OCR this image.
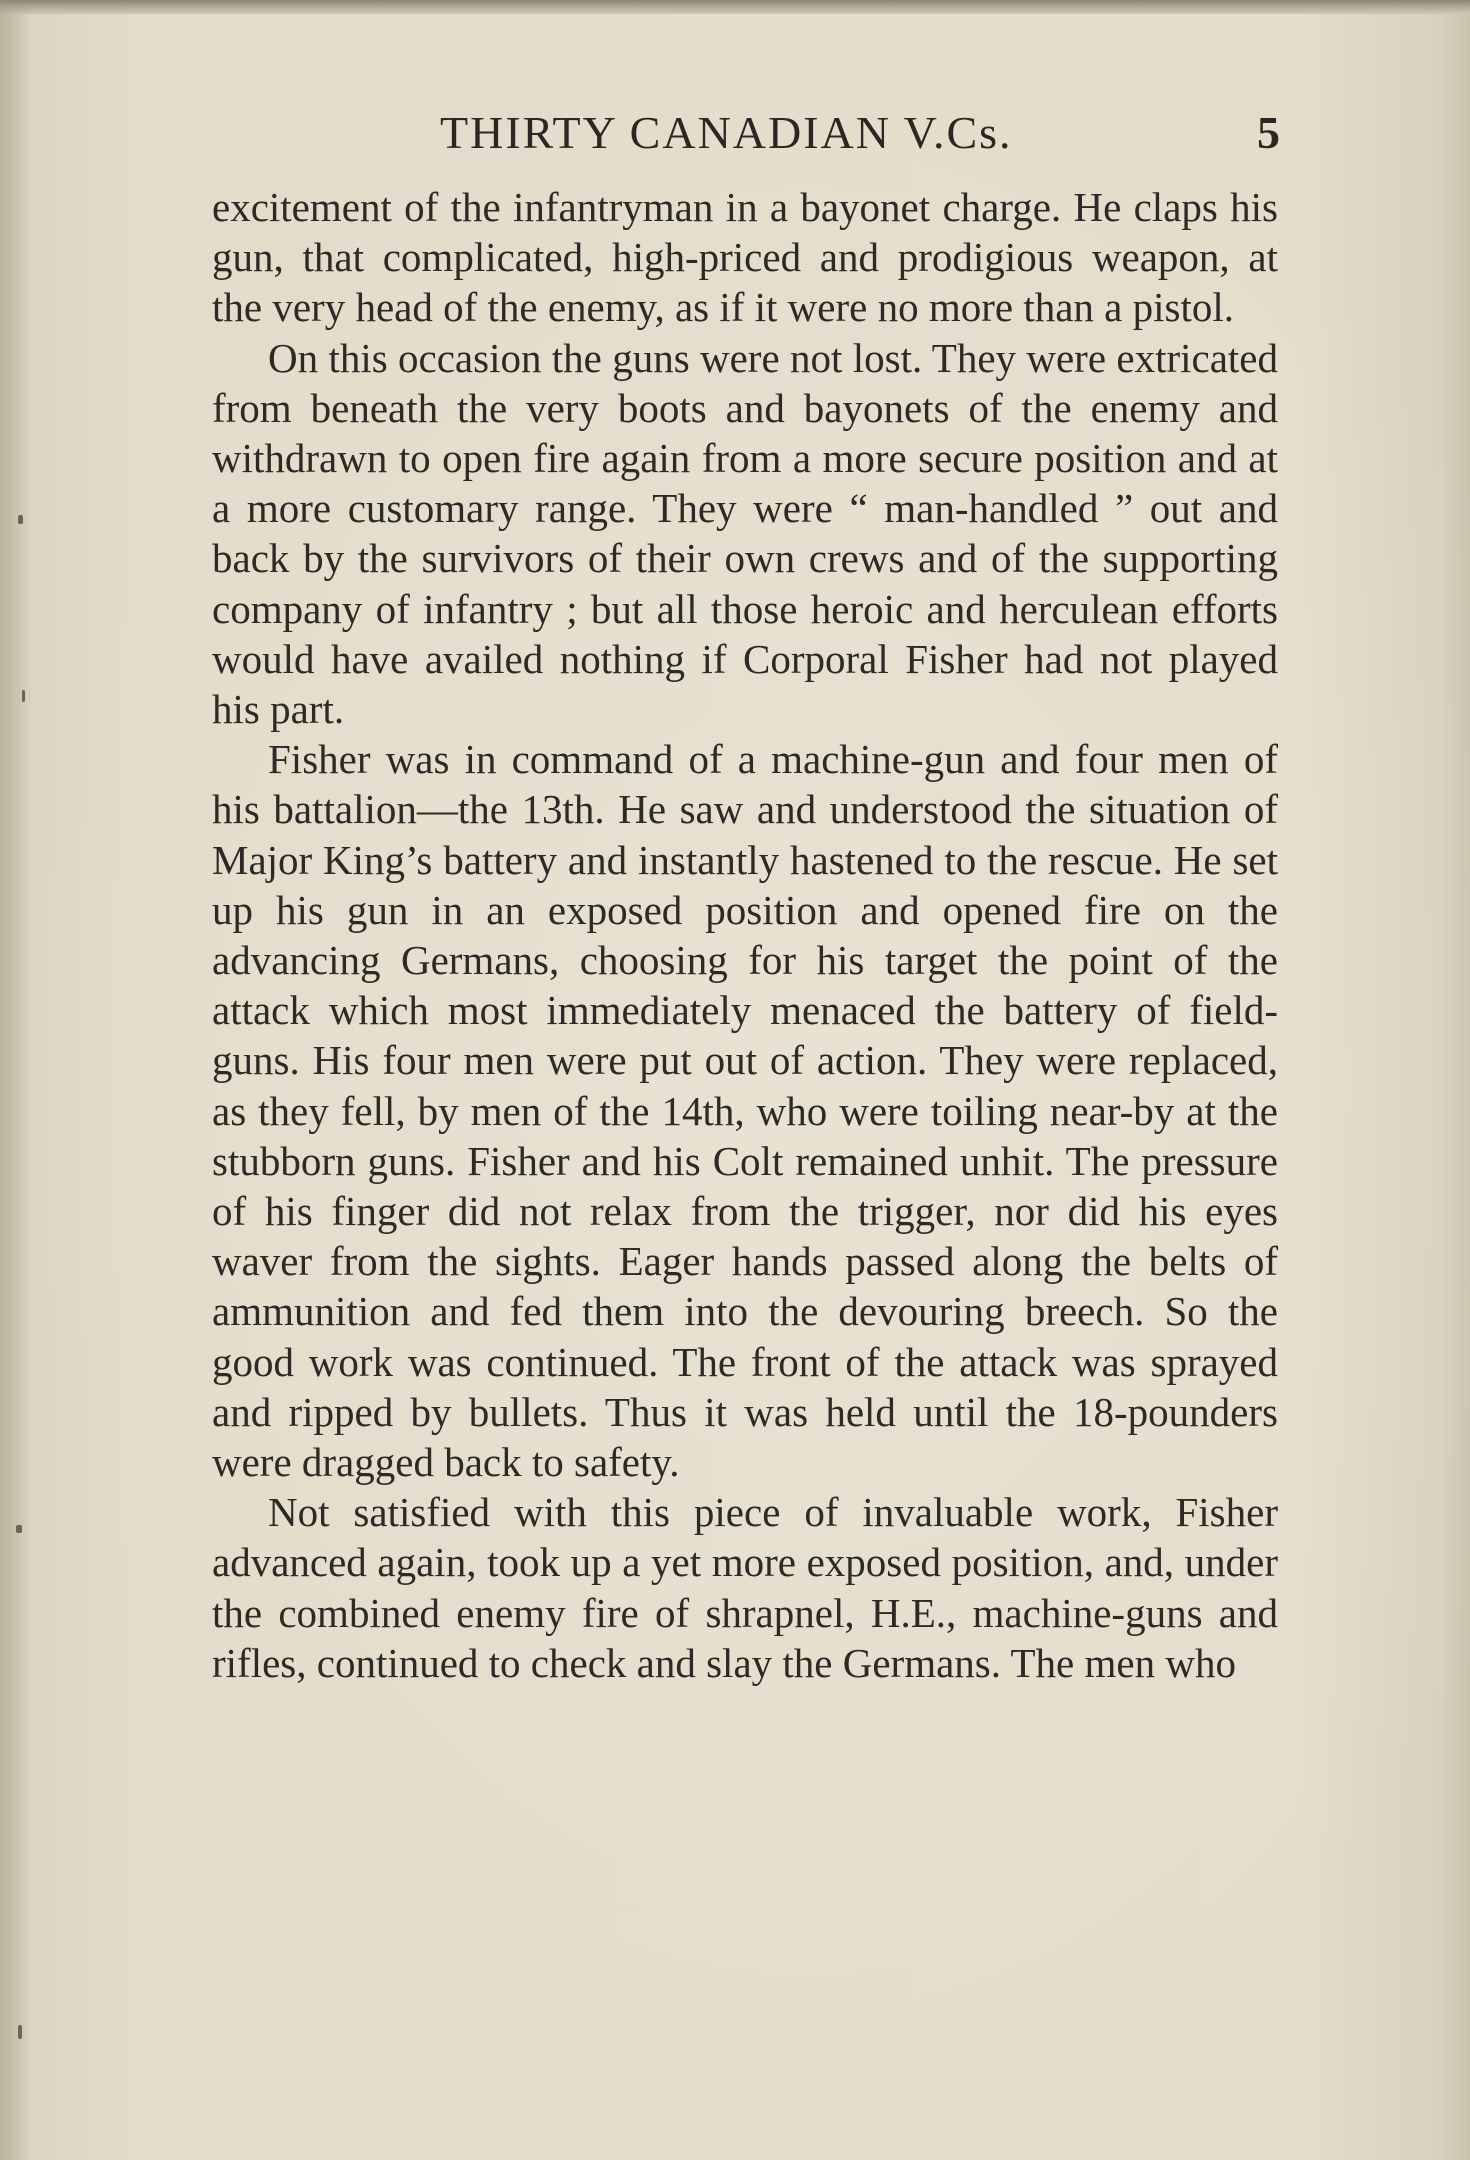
THIRTY CANADIAN V.Cs.	5

excitement of the infantryman in a bayonet charge. He claps his gun, that complicated, high-priced and prodigious weapon, at the very head of the enemy, as if it were no more than a pistol.

On this occasion the guns were not lost. They were extricated from beneath the very boots and bayonets of the enemy and withdrawn to open fire again from a more secure position and at a more customary range. They were “ man-handled ” out and back by the survivors of their own crews and of the supporting company of infantry ; but all those heroic and herculean efforts would have availed nothing if Corporal Fisher had not played his part.

Fisher was in command of a machine-gun and four men of his battalion—the 13th. He saw and understood the situation of Major King’s battery and instantly hastened to the rescue. He set up his gun in an exposed position and opened fire on the advancing Germans, choosing for his target the point of the attack which most immediately menaced the battery of field-guns. His four men were put out of action. They were replaced, as they fell, by men of the 14th, who were toiling near-by at the stubborn guns. Fisher and his Colt remained unhit. The pressure of his finger did not relax from the trigger, nor did his eyes waver from the sights. Eager hands passed along the belts of ammunition and fed them into the devouring breech. So the good work was continued. The front of the attack was sprayed and ripped by bullets. Thus it was held until the 18-pounders were dragged back to safety.

Not satisfied with this piece of invaluable work, Fisher advanced again, took up a yet more exposed position, and, under the combined enemy fire of shrapnel, H.E., machine-guns and rifles, continued to check and slay the Germans. The men who
